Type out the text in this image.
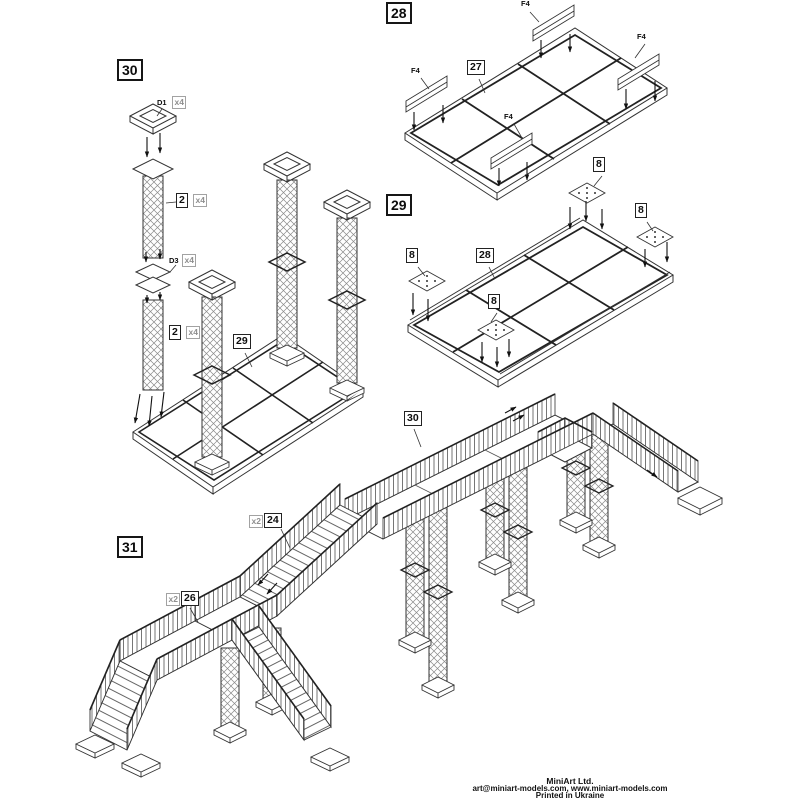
28
F4
F4
F4
F4
27
29
8
8
8
8
28
30
D1 x4
2	x4
D3 x4
2	x4
29
31
30
x2 24
x2 26
MiniArt Ltd.
art@miniart-models.com, www.miniart-models.com
Printed in Ukraine
